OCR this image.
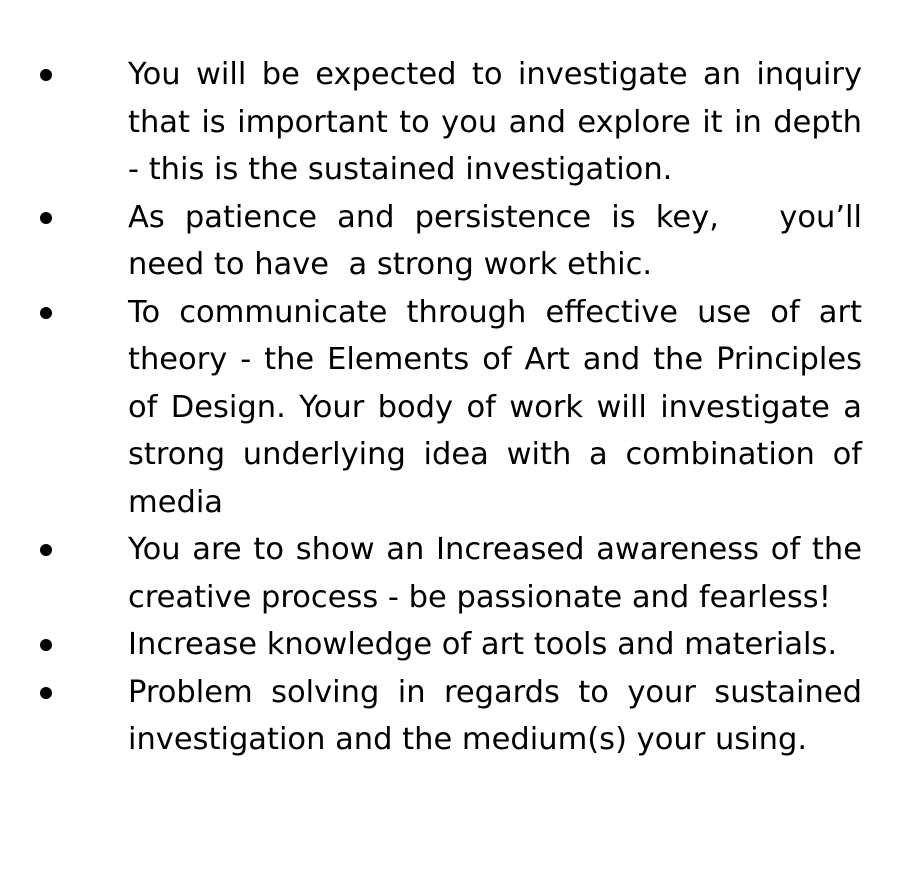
You will be expected to investigate an inquiry that is important to you and explore it in depth - this is the sustained investigation.
As patience and persistence is key,   you’ll need to have  a strong work ethic.
To communicate through effective use of art theory - the Elements of Art and the Principles of Design. Your body of work will investigate a strong underlying idea with a combination of media
You are to show an Increased awareness of the creative process - be passionate and fearless!
Increase knowledge of art tools and materials.
Problem solving in regards to your sustained investigation and the medium(s) your using.
